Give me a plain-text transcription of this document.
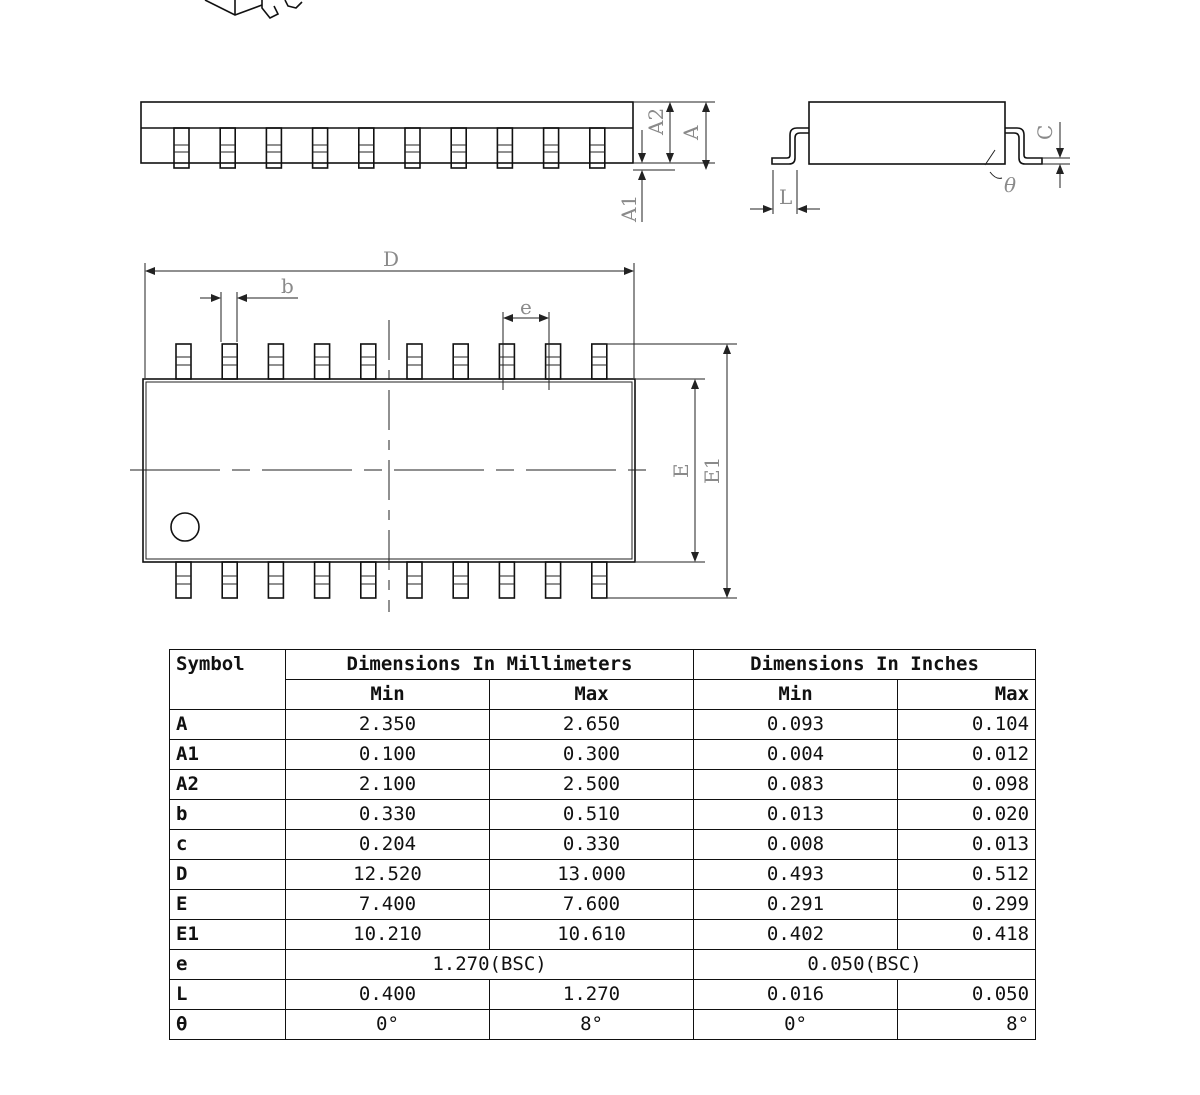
A2 A
A1	L
C
θ
D
b
e
E E1
Symbol	Dimensions In Millimeters		Dimensions In Inches	
	Min	Max	Min	Max
A	2.350	2.650	0.093	0.104
A1	0.100	0.300	0.004	0.012
A2	2.100	2.500	0.083	0.098
b	0.330	0.510	0.013	0.020
c	0.204	0.330	0.008	0.013
D	12.520	13.000	0.493	0.512
E	7.400	7.600	0.291	0.299
E1	10.210	10.610	0.402	0.418
e	1.270(BSC)		0.050(BSC)	
L	0.400	1.270	0.016	0.050
θ	0°	8°	0°	8°
